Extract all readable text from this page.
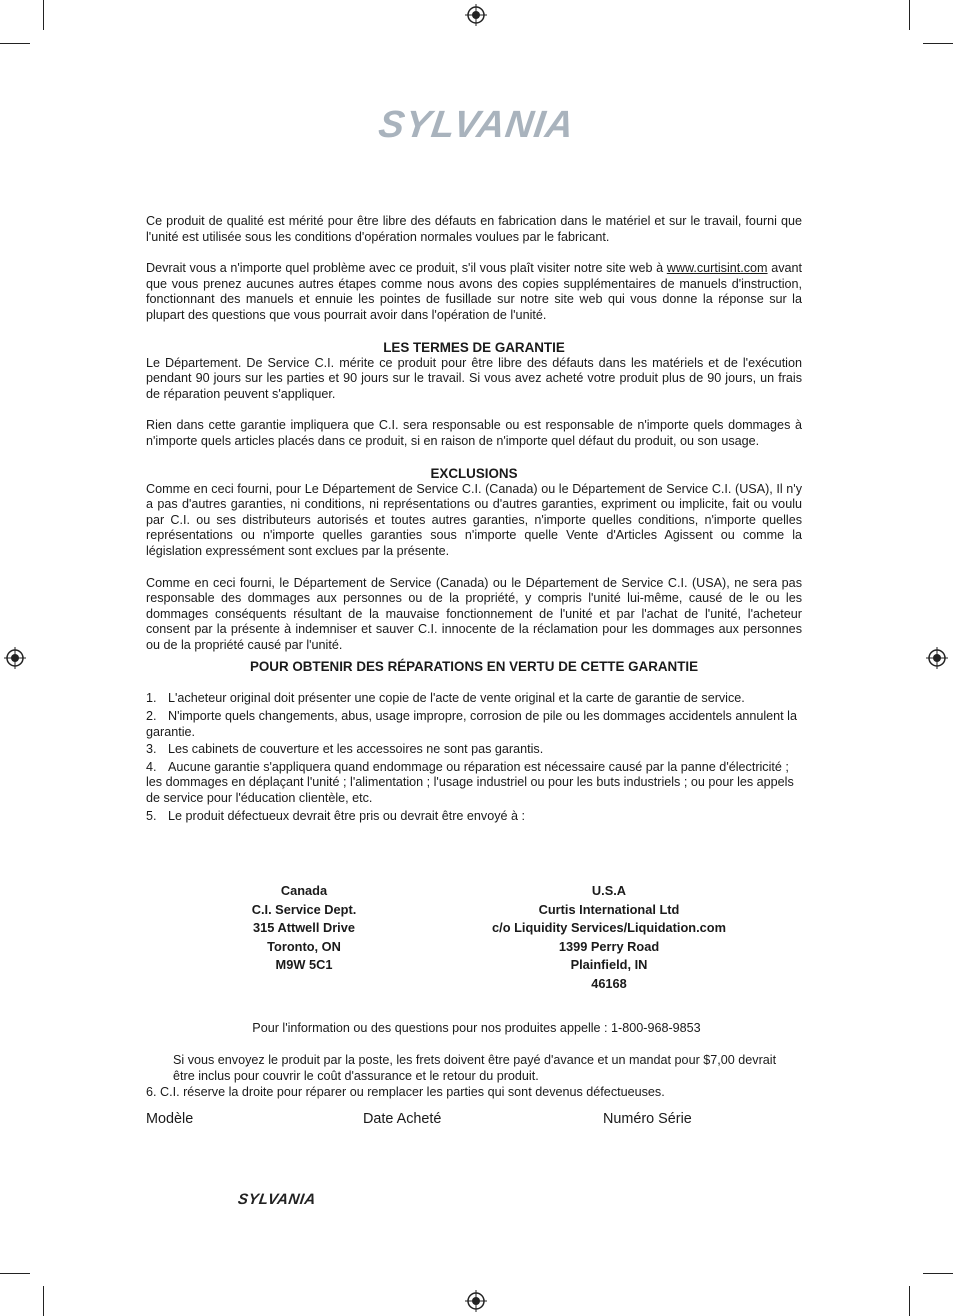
SYLVANIA

Ce produit de qualité est mérité pour être libre des défauts en fabrication dans le matériel et sur le travail, fourni que l'unité est utilisée sous les conditions d'opération normales voulues par le fabricant.

Devrait vous a n'importe quel problème avec ce produit, s'il vous plaît visiter notre site web à www.curtisint.com avant que vous prenez aucunes autres étapes comme nous avons des copies supplémentaires de manuels d'instruction, fonctionnant des manuels et ennuie les pointes de fusillade sur notre site web qui vous donne la réponse sur la plupart des questions que vous pourrait avoir dans l'opération de l'unité.

LES TERMES DE GARANTIE

Le Département. De Service C.I. mérite ce produit pour être libre des défauts dans les matériels et de l'exécution pendant 90 jours sur les parties et 90 jours sur le travail. Si vous avez acheté votre produit plus de 90 jours, un frais de réparation peuvent s'appliquer.

Rien dans cette garantie impliquera que C.I. sera responsable ou est responsable de n'importe quels dommages à n'importe quels articles placés dans ce produit, si en raison de n'importe quel défaut du produit, ou son usage.

EXCLUSIONS

Comme en ceci fourni, pour Le Département de Service C.I. (Canada) ou le Département de Service C.I. (USA), Il n'y a pas d'autres garanties, ni conditions, ni représentations ou d'autres garanties, expriment ou implicite, fait ou voulu par C.I. ou ses distributeurs autorisés et toutes autres garanties, n'importe quelles conditions, n'importe quelles représentations ou n'importe quelles garanties sous n'importe quelle Vente d'Articles Agissent ou comme la législation expressément sont exclues par la présente.

Comme en ceci fourni, le Département de Service (Canada) ou le Département de Service C.I. (USA), ne sera pas responsable des dommages aux personnes ou de la propriété, y compris l'unité lui-même, causé de le ou les dommages conséquents résultant de la mauvaise fonctionnement de l'unité et par l'achat de l'unité, l'acheteur consent par la présente à indemniser et sauver C.I. innocente de la réclamation pour les dommages aux personnes ou de la propriété causé par l'unité.

POUR OBTENIR DES RÉPARATIONS EN VERTU DE CETTE GARANTIE

1. L'acheteur original doit présenter une copie de l'acte de vente original et la carte de garantie de service.
2. N'importe quels changements, abus, usage impropre, corrosion de pile ou les dommages accidentels annulent la garantie.
3. Les cabinets de couverture et les accessoires ne sont pas garantis.
4. Aucune garantie s'appliquera quand endommage ou réparation est nécessaire causé par la panne d'électricité ; les dommages en déplaçant l'unité ; l'alimentation ; l'usage industriel ou pour les buts industriels ; ou pour les appels de service pour l'éducation clientèle, etc.
5. Le produit défectueux devrait être pris ou devrait être envoyé à :
Canada
C.I. Service Dept.
315 Attwell Drive
Toronto, ON
M9W 5C1
U.S.A
Curtis International Ltd
c/o Liquidity Services/Liquidation.com
1399 Perry Road
Plainfield, IN
46168
Pour l'information ou des questions pour nos produites appelle : 1-800-968-9853
Si vous envoyez le produit par la poste, les frets doivent être payé d'avance et un mandat pour $7,00 devrait être inclus pour couvrir le coût d'assurance et le retour du produit.
6. C.I. réserve la droite pour réparer ou remplacer les parties qui sont devenus défectueuses.
Modèle	Date Acheté	Numéro Série
SYLVANIA
